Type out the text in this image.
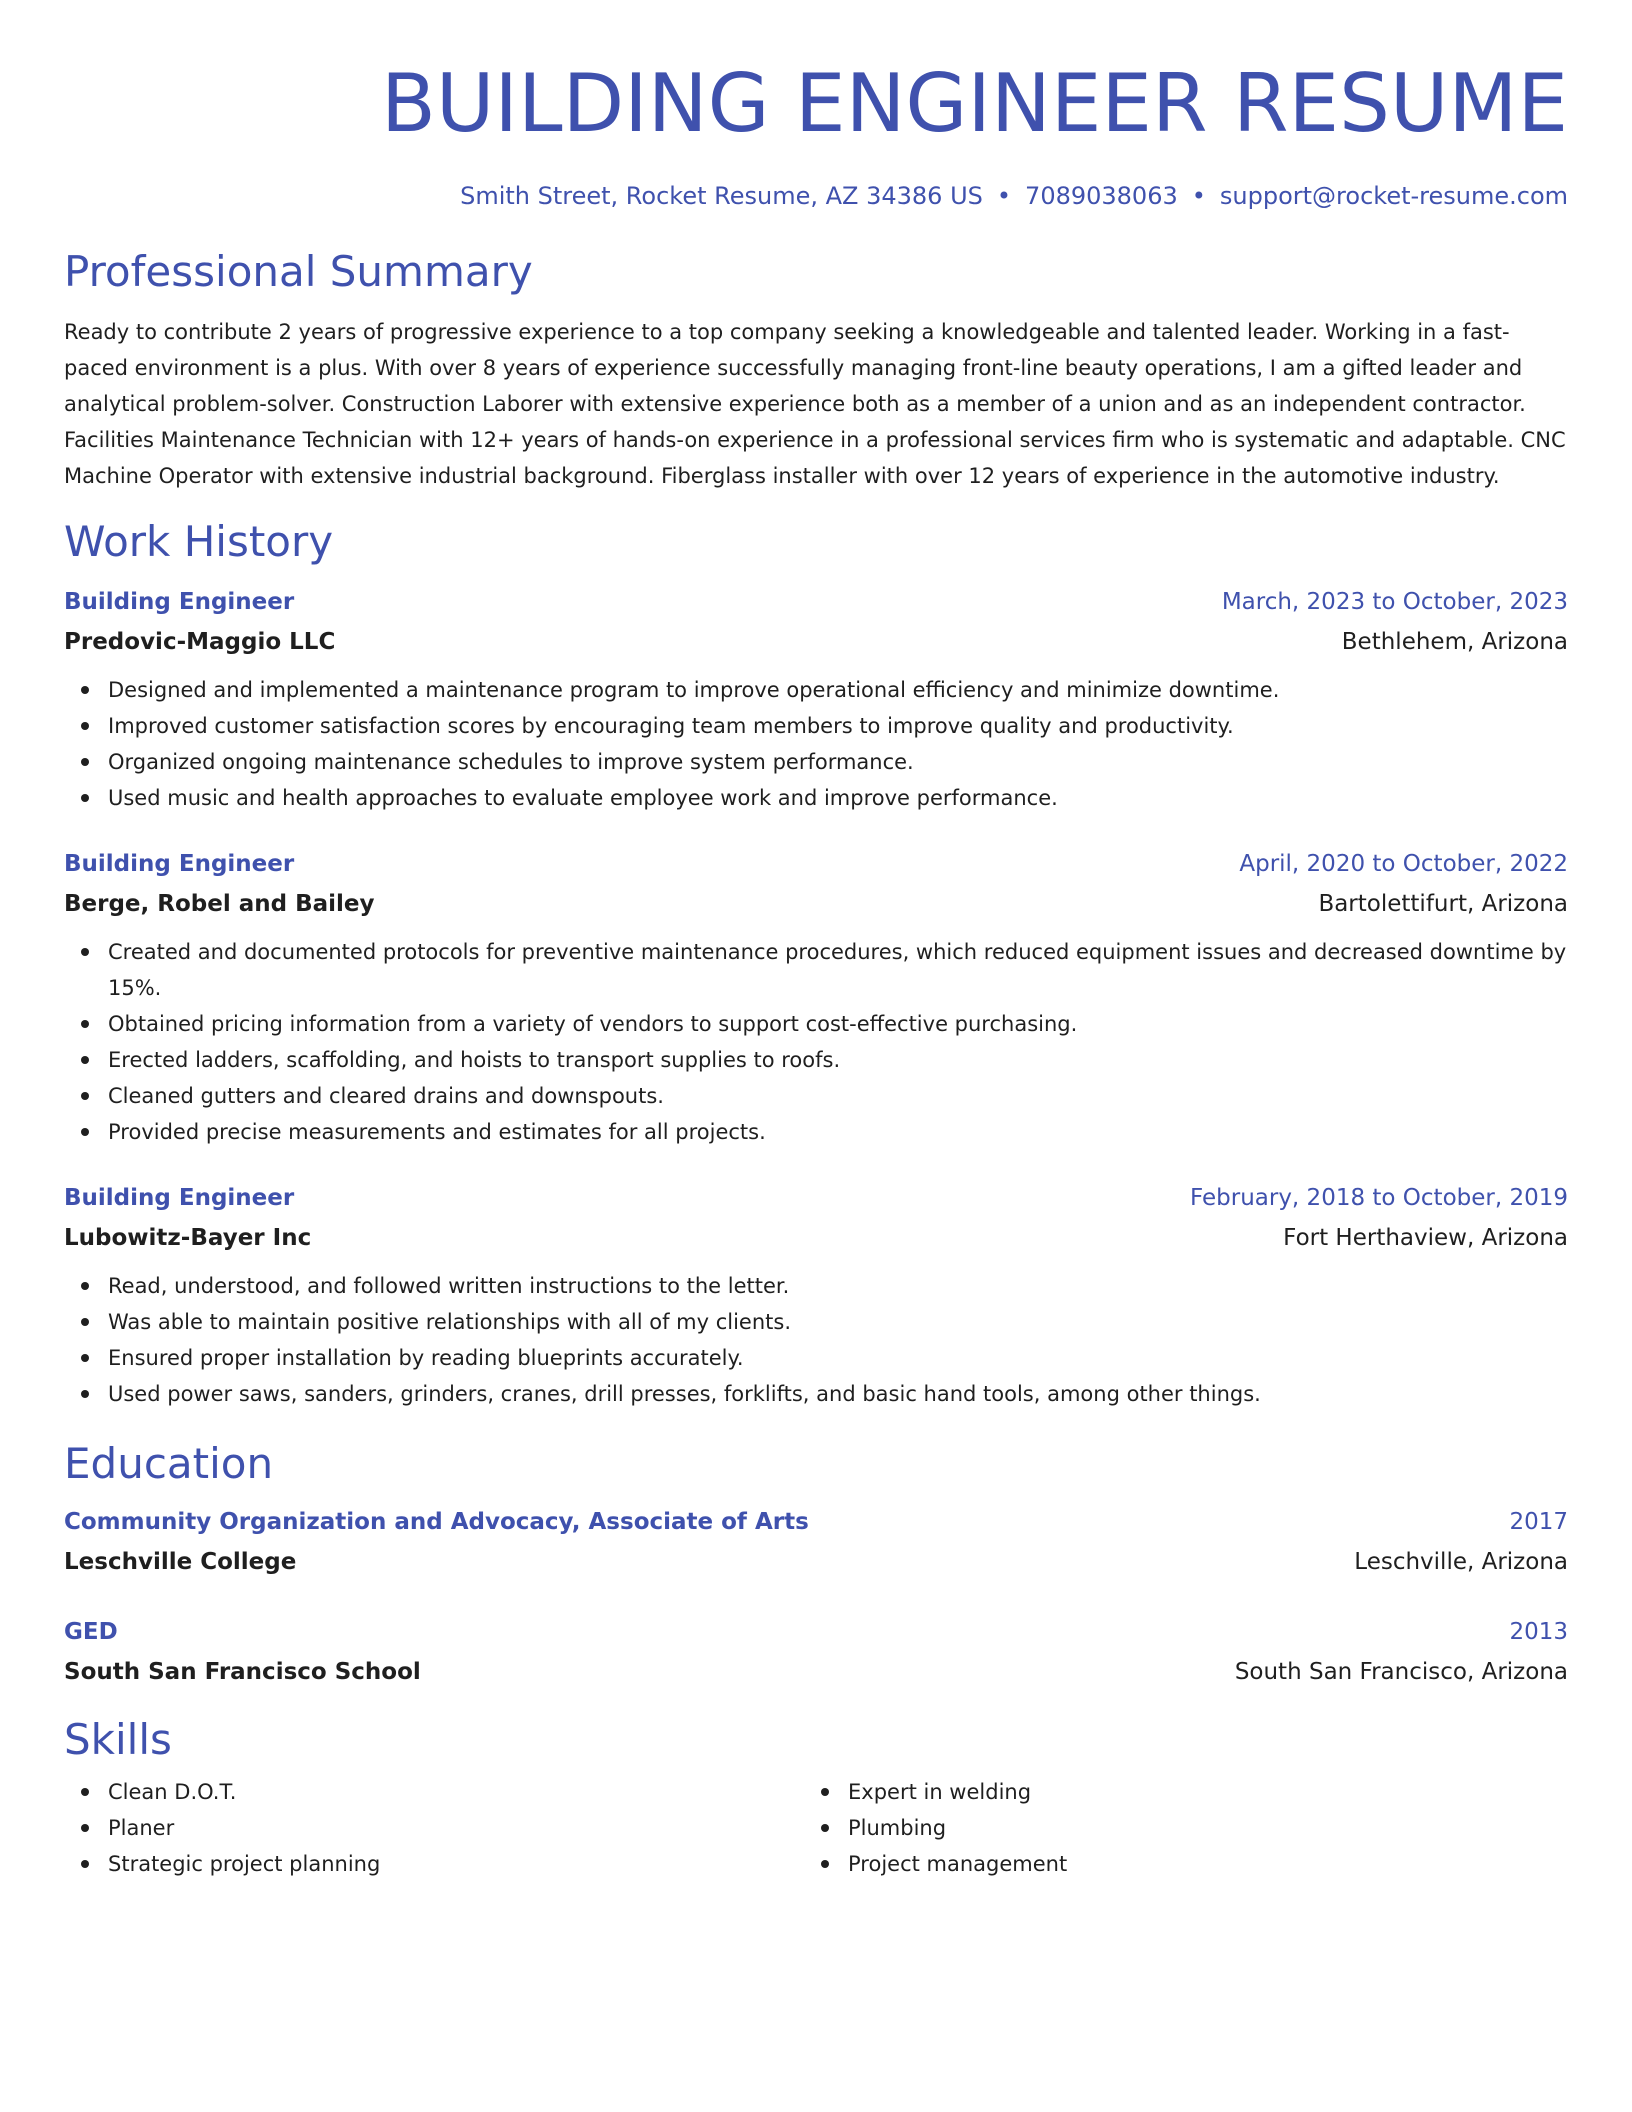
BUILDING ENGINEER RESUME
Smith Street, Rocket Resume, AZ 34386 US • 7089038063 • support@rocket-resume.com
Professional Summary
Ready to contribute 2 years of progressive experience to a top company seeking a knowledgeable and talented leader. Working in a fast-paced environment is a plus. With over 8 years of experience successfully managing front-line beauty operations, I am a gifted leader and analytical problem-solver. Construction Laborer with extensive experience both as a member of a union and as an independent contractor. Facilities Maintenance Technician with 12+ years of hands-on experience in a professional services firm who is systematic and adaptable. CNC Machine Operator with extensive industrial background. Fiberglass installer with over 12 years of experience in the automotive industry.
Work History
Building Engineer	March, 2023 to October, 2023
Predovic-Maggio LLC	Bethlehem, Arizona
Designed and implemented a maintenance program to improve operational efficiency and minimize downtime.
Improved customer satisfaction scores by encouraging team members to improve quality and productivity.
Organized ongoing maintenance schedules to improve system performance.
Used music and health approaches to evaluate employee work and improve performance.
Building Engineer	April, 2020 to October, 2022
Berge, Robel and Bailey	Bartolettifurt, Arizona
Created and documented protocols for preventive maintenance procedures, which reduced equipment issues and decreased downtime by 15%.
Obtained pricing information from a variety of vendors to support cost-effective purchasing.
Erected ladders, scaffolding, and hoists to transport supplies to roofs.
Cleaned gutters and cleared drains and downspouts.
Provided precise measurements and estimates for all projects.
Building Engineer	February, 2018 to October, 2019
Lubowitz-Bayer Inc	Fort Herthaview, Arizona
Read, understood, and followed written instructions to the letter.
Was able to maintain positive relationships with all of my clients.
Ensured proper installation by reading blueprints accurately.
Used power saws, sanders, grinders, cranes, drill presses, forklifts, and basic hand tools, among other things.
Education
Community Organization and Advocacy, Associate of Arts	2017
Leschville College	Leschville, Arizona
GED	2013
South San Francisco School	South San Francisco, Arizona
Skills
Clean D.O.T.
Planer
Strategic project planning
Expert in welding
Plumbing
Project management
